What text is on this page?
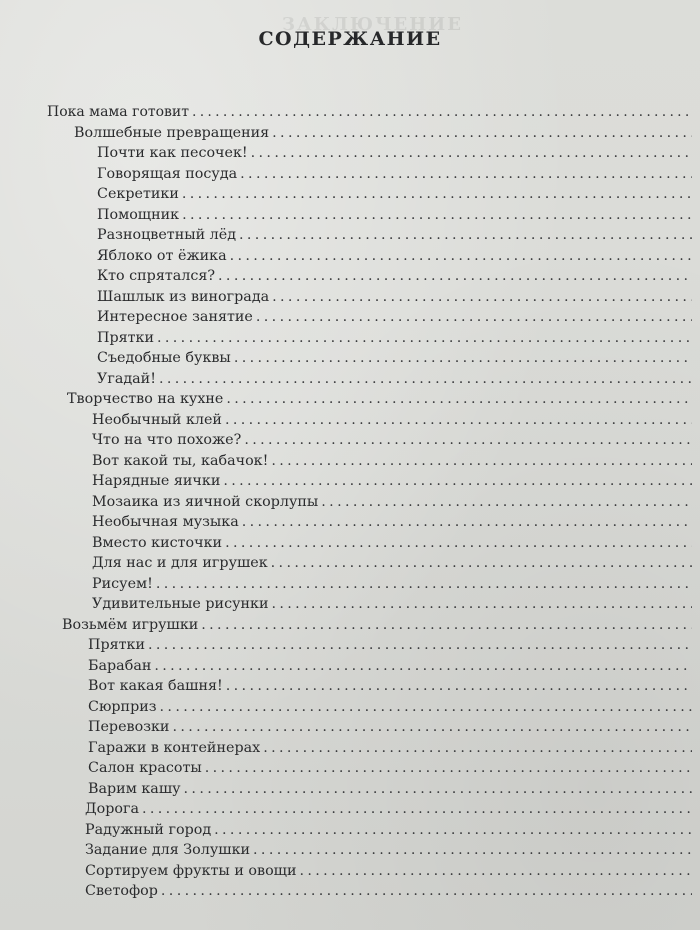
ЗАКЛЮЧЕНИЕ
СОДЕРЖАНИЕ
Пока мама готовит
. . .
Волшебные превращения
. . .
Почти как песочек!
. . .
Говорящая посуда
. . .
Секретики
. . .
Помощник
. . .
Разноцветный лёд
. . .
Яблоко от ёжика
. . .
Кто спрятался?
. . .
Шашлык из винограда
. . .
Интересное занятие
. . .
Прятки
. . .
Съедобные буквы
. . .
Угадай!
. . .
Творчество на кухне
. . .
Необычный клей
. . .
Что на что похоже?
. . .
Вот какой ты, кабачок!
. . .
Нарядные яички
. . .
Мозаика из яичной скорлупы
. . .
Необычная музыка
. . .
Вместо кисточки
. . .
Для нас и для игрушек
. . .
Рисуем!
. . .
Удивительные рисунки
. . .
Возьмём игрушки
. . .
Прятки
. . .
Барабан
. . .
Вот какая башня!
. . .
Сюрприз
. . .
Перевозки
. . .
Гаражи в контейнерах
. . .
Салон красоты
. . .
Варим кашу
. . .
Дорога
. . .
Радужный город
. . .
Задание для Золушки
. . .
Сортируем фрукты и овощи
. . .
Светофор
. . .
